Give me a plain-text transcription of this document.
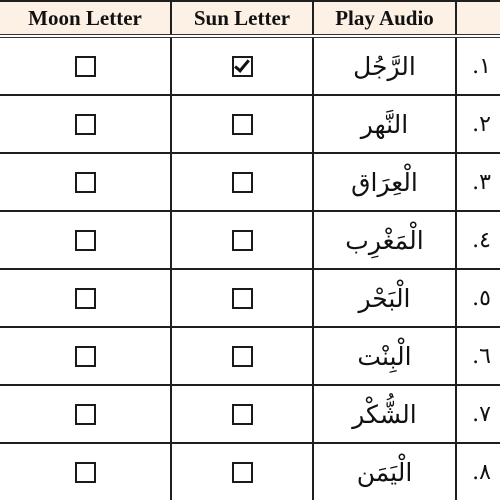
Moon Letter	Sun Letter	Play Audio	
		الرَّجُل	١.
		النَّهر	٢.
		الْعِرَاق	٣.
		الْمَغْرِب	٤.
		الْبَحْر	٥.
		الْبِنْت	٦.
		الشُّكْر	٧.
		الْيَمَن	٨.
